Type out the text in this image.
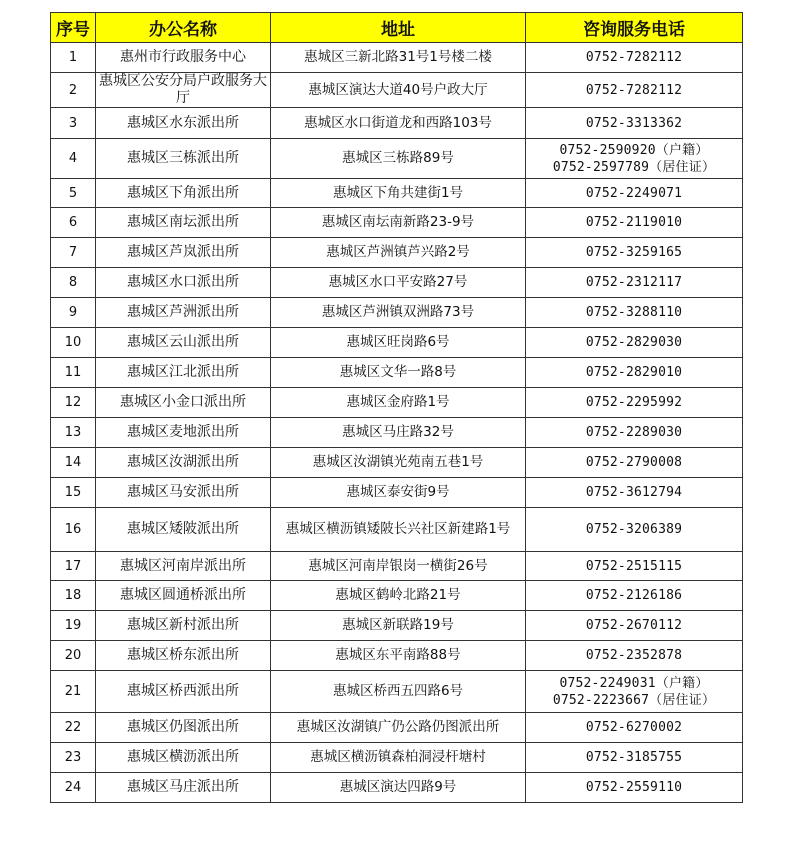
序号	办公名称	地址	咨询服务电话
1	惠州市行政服务中心	惠城区三新北路31号1号楼二楼	0752-7282112

2	惠城区公安分局户政服务大厅	惠城区演达大道40号户政大厅	0752-7282112

3	惠城区水东派出所	惠城区水口街道龙和西路103号	0752-3313362

4	惠城区三栋派出所	惠城区三栋路89号	0752-2590920（户籍）
0752-2597789（居住证）

5	惠城区下角派出所	惠城区下角共建街1号	0752-2249071

6	惠城区南坛派出所	惠城区南坛南新路23-9号	0752-2119010

7	惠城区芦岚派出所	惠城区芦洲镇芦兴路2号	0752-3259165

8	惠城区水口派出所	惠城区水口平安路27号	0752-2312117

9	惠城区芦洲派出所	惠城区芦洲镇双洲路73号	0752-3288110

10	惠城区云山派出所	惠城区旺岗路6号	0752-2829030

11	惠城区江北派出所	惠城区文华一路8号	0752-2829010

12	惠城区小金口派出所	惠城区金府路1号	0752-2295992

13	惠城区麦地派出所	惠城区马庄路32号	0752-2289030

14	惠城区汝湖派出所	惠城区汝湖镇光苑南五巷1号	0752-2790008

15	惠城区马安派出所	惠城区泰安街9号	0752-3612794

16	惠城区矮陂派出所	惠城区横沥镇矮陂长兴社区新建路1号	0752-3206389

17	惠城区河南岸派出所	惠城区河南岸银岗一横街26号	0752-2515115

18	惠城区圆通桥派出所	惠城区鹤岭北路21号	0752-2126186

19	惠城区新村派出所	惠城区新联路19号	0752-2670112

20	惠城区桥东派出所	惠城区东平南路88号	0752-2352878

21	惠城区桥西派出所	惠城区桥西五四路6号	0752-2249031（户籍）
0752-2223667（居住证）

22	惠城区仍图派出所	惠城区汝湖镇广仍公路仍图派出所	0752-6270002

23	惠城区横沥派出所	惠城区横沥镇森柏洞浸杆塘村	0752-3185755

24	惠城区马庄派出所	惠城区演达四路9号	0752-2559110
